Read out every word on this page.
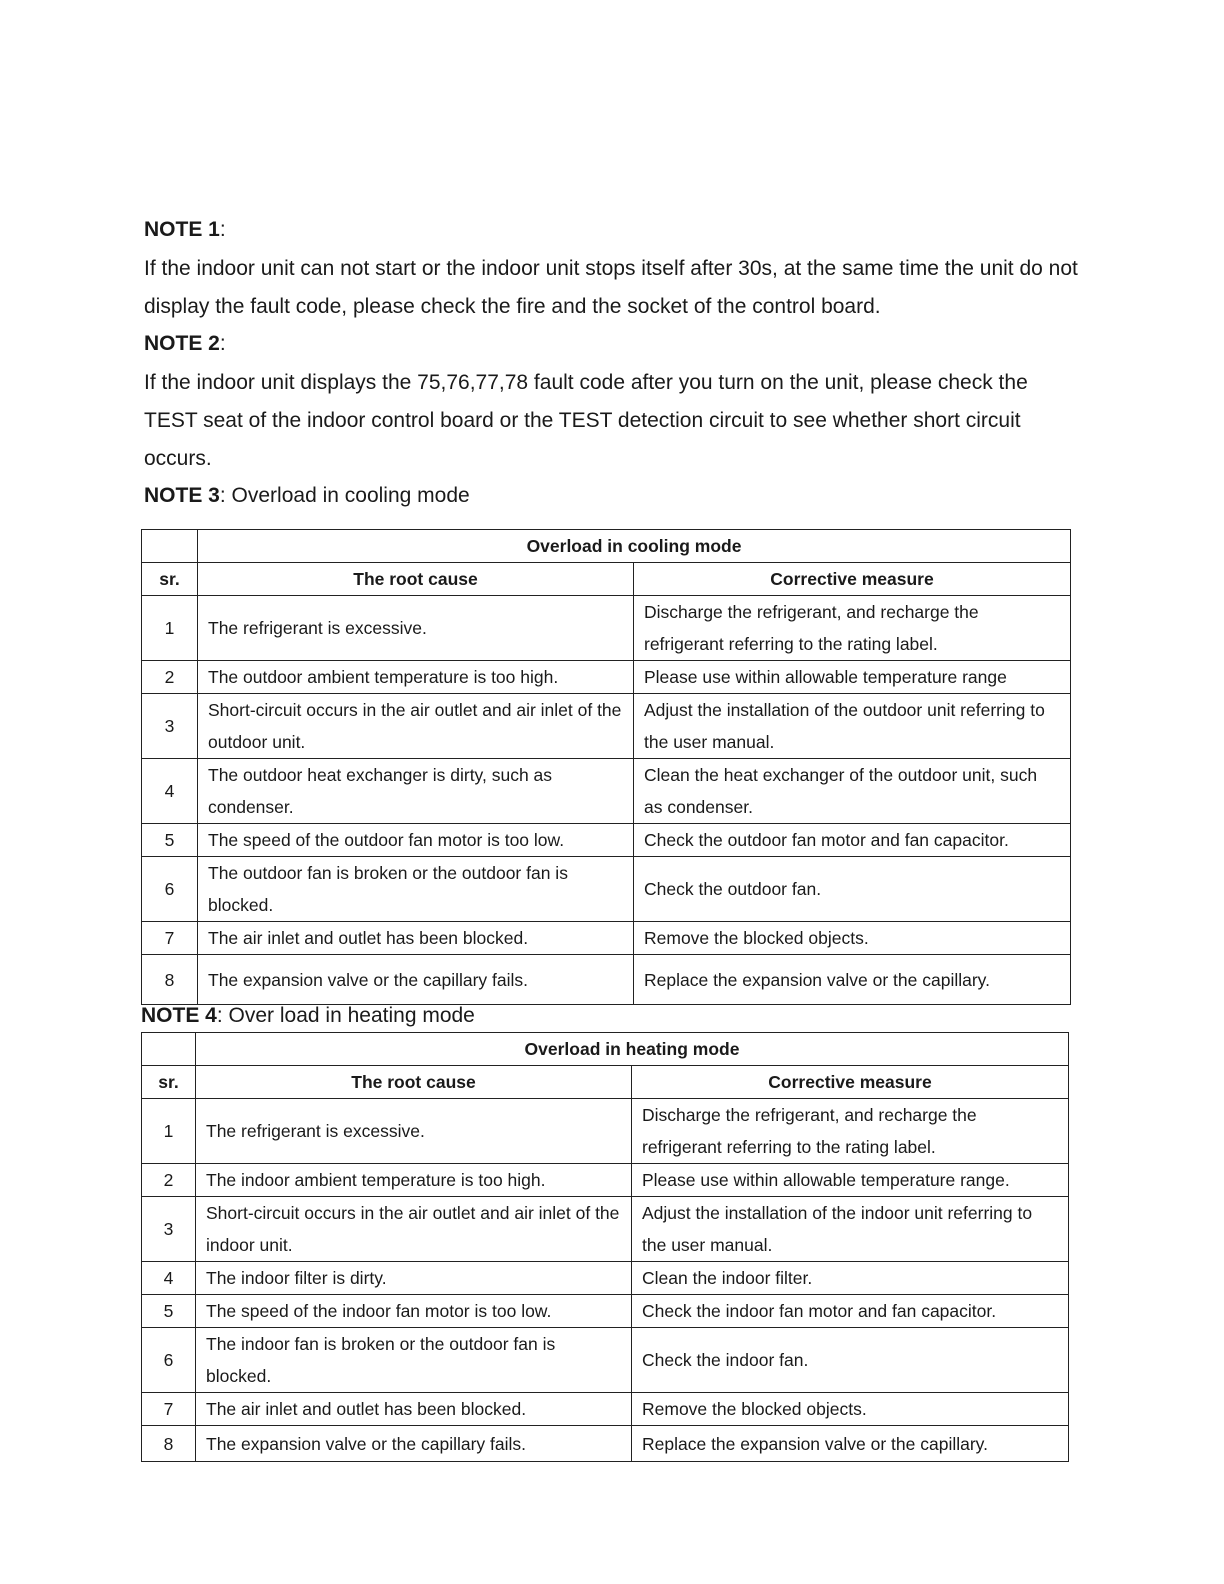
NOTE 1:
If the indoor unit can not start or the indoor unit stops itself after 30s, at the same time the unit do not display the fault code, please check the fire and the socket of the control board.
NOTE 2:
If the indoor unit displays the 75,76,77,78 fault code after you turn on the unit, please check the TEST seat of the indoor control board or the TEST detection circuit to see whether short circuit occurs.
NOTE 3: Overload in cooling mode
	Overload in cooling mode	
sr.	The root cause	Corrective measure
1	The refrigerant is excessive.	Discharge the refrigerant, and recharge the refrigerant referring to the rating label.
2	The outdoor ambient temperature is too high.	Please use within allowable temperature range
3	Short-circuit occurs in the air outlet and air inlet of the outdoor unit.	Adjust the installation of the outdoor unit referring to the user manual.
4	The outdoor heat exchanger is dirty, such as condenser.	Clean the heat exchanger of the outdoor unit, such as condenser.
5	The speed of the outdoor fan motor is too low.	Check the outdoor fan motor and fan capacitor.
6	The outdoor fan is broken or the outdoor fan is blocked.	Check the outdoor fan.
7	The air inlet and outlet has been blocked.	Remove the blocked objects.
8	The expansion valve or the capillary fails.	Replace the expansion valve or the capillary.
NOTE 4: Over load in heating mode
	Overload in heating mode	
sr.	The root cause	Corrective measure
1	The refrigerant is excessive.	Discharge the refrigerant, and recharge the refrigerant referring to the rating label.
2	The indoor ambient temperature is too high.	Please use within allowable temperature range.
3	Short-circuit occurs in the air outlet and air inlet of the indoor unit.	Adjust the installation of the indoor unit referring to the user manual.
4	The indoor filter is dirty.	Clean the indoor filter.
5	The speed of the indoor fan motor is too low.	Check the indoor fan motor and fan capacitor.
6	The indoor fan is broken or the outdoor fan is blocked.	Check the indoor fan.
7	The air inlet and outlet has been blocked.	Remove the blocked objects.
8	The expansion valve or the capillary fails.	Replace the expansion valve or the capillary.
